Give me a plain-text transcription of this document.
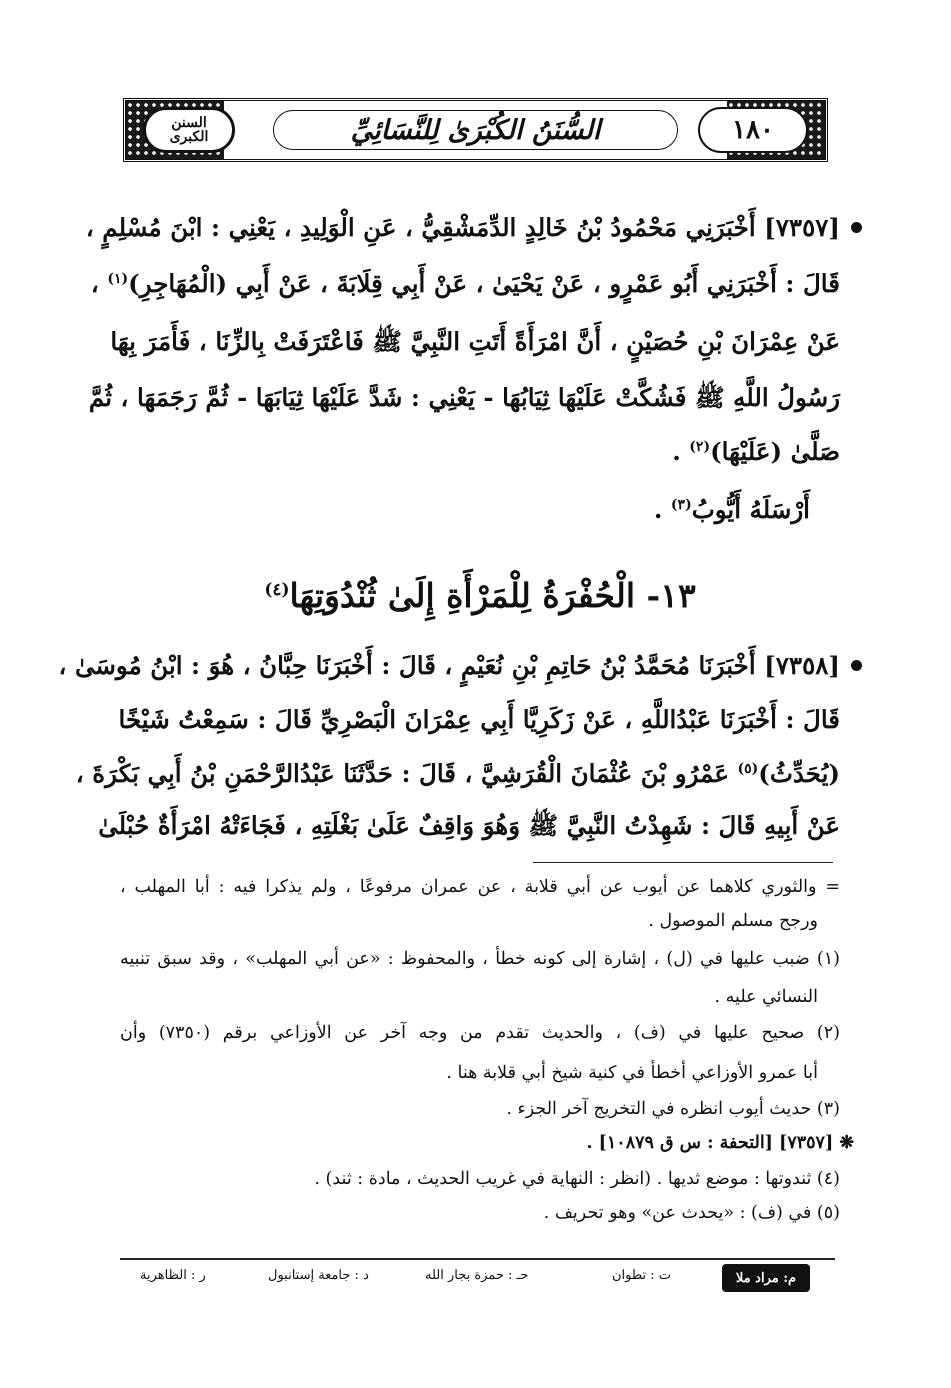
١٨٠
السُّنَنُ الكُبْرَىٰ لِلنَّسَائِيِّ
السنن
الكبرى
[٧٣٥٧] أَخْبَرَنِي مَحْمُودُ بْنُ خَالِدٍ الدِّمَشْقِيُّ ، عَنِ الْوَلِيدِ ، يَعْنِي : ابْنَ مُسْلِمٍ ،
قَالَ : أَخْبَرَنِي أَبُو عَمْرٍو ، عَنْ يَحْيَىٰ ، عَنْ أَبِي قِلَابَةَ ، عَنْ أَبِي (الْمُهَاجِرِ)$^{(١)}$ ،
عَنْ عِمْرَانَ بْنِ حُصَيْنٍ ، أَنَّ امْرَأَةً أَتَتِ النَّبِيَّ ﷺ فَاعْتَرَفَتْ بِالزِّنَا ، فَأَمَرَ بِهَا
رَسُولُ اللَّهِ ﷺ فَشُكَّتْ عَلَيْهَا ثِيَابُهَا - يَعْنِي : شَدَّ عَلَيْهَا ثِيَابَهَا - ثُمَّ رَجَمَهَا ، ثُمَّ
صَلَّىٰ (عَلَيْهَا)$^{(٢)}$ .
أَرْسَلَهُ أَيُّوبُ$^{(٣)}$ .
١٣- الْحُفْرَةُ لِلْمَرْأَةِ إِلَىٰ ثُنْدُوَتِهَا$^{(٤)}$
[٧٣٥٨] أَخْبَرَنَا مُحَمَّدُ بْنُ حَاتِمِ بْنِ نُعَيْمٍ ، قَالَ : أَخْبَرَنَا حِبَّانُ ، هُوَ : ابْنُ مُوسَىٰ ،
قَالَ : أَخْبَرَنَا عَبْدُاللَّهِ ، عَنْ زَكَرِيَّا أَبِي عِمْرَانَ الْبَصْرِيِّ قَالَ : سَمِعْتُ شَيْخًا
(يُحَدِّثُ)$^{(٥)}$ عَمْرُو بْنَ عُثْمَانَ الْقُرَشِيَّ ، قَالَ : حَدَّثَنَا عَبْدُالرَّحْمَنِ بْنُ أَبِي بَكْرَةَ ،
عَنْ أَبِيهِ قَالَ : شَهِدْتُ النَّبِيَّ ﷺ وَهُوَ وَاقِفٌ عَلَىٰ بَغْلَتِهِ ، فَجَاءَتْهُ امْرَأَةٌ حُبْلَىٰ
= والثوري كلاهما عن أيوب عن أبي قلابة ، عن عمران مرفوعًا ، ولم يذكرا فيه : أبا المهلب ،
ورجح مسلم الموصول .
(١) ضبب عليها في (ل) ، إشارة إلى كونه خطأ ، والمحفوظ : «عن أبي المهلب» ، وقد سبق تنبيه
النسائي عليه .
(٢) صحيح عليها في (ف) ، والحديث تقدم من وجه آخر عن الأوزاعي برقم (٧٣٥٠) وأن
أبا عمرو الأوزاعي أخطأ في كنية شيخ أبي قلابة هنا .
(٣) حديث أيوب انظره في التخريج آخر الجزء .
❋ [٧٣٥٧] [التحفة : س ق ١٠٨٧٩] .
(٤) ثندوتها : موضع ثديها . (انظر : النهاية في غريب الحديث ، مادة : ثند) .
(٥) في (ف) : «يحدث عن» وهو تحريف .
م: مراد ملا
ت : تطوان
حـ : حمزة بجار الله
د : جامعة إستانبول
ر : الظاهرية
